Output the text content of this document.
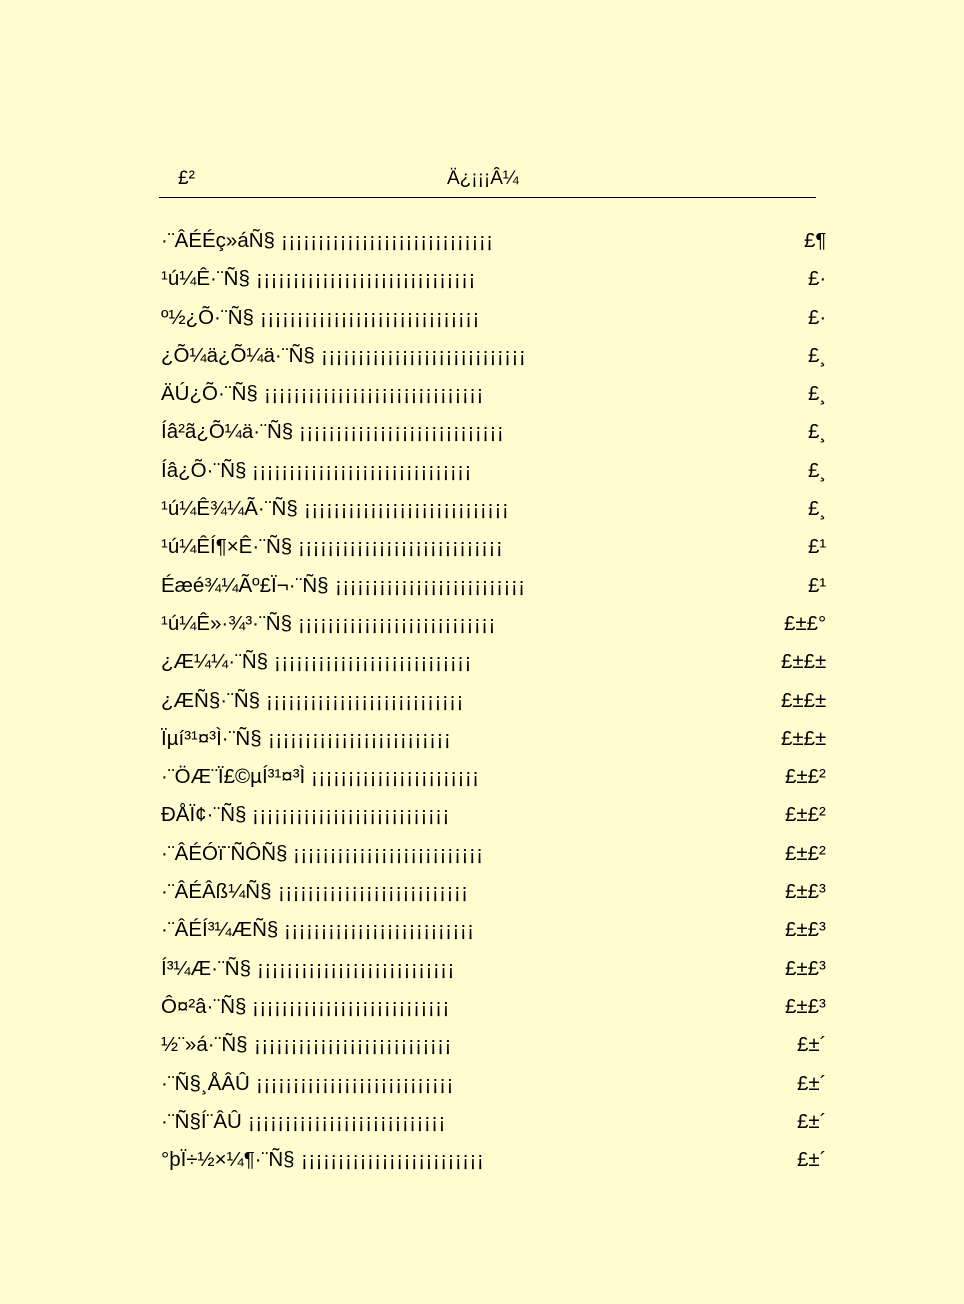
£²	Ä¿¡¡¡Â¼
·¨ÂÉÉç»áÑ§ ¡¡¡¡¡¡¡¡¡¡¡¡¡¡¡¡¡¡¡¡¡¡¡¡¡¡¡¡¡	£¶
¹ú¼Ê·¨Ñ§ ¡¡¡¡¡¡¡¡¡¡¡¡¡¡¡¡¡¡¡¡¡¡¡¡¡¡¡¡¡¡	£·
º½¿Õ·¨Ñ§ ¡¡¡¡¡¡¡¡¡¡¡¡¡¡¡¡¡¡¡¡¡¡¡¡¡¡¡¡¡¡	£·
¿Õ¼ä¿Õ¼ä·¨Ñ§ ¡¡¡¡¡¡¡¡¡¡¡¡¡¡¡¡¡¡¡¡¡¡¡¡¡¡¡¡	£¸
ÄÚ¿Õ·¨Ñ§ ¡¡¡¡¡¡¡¡¡¡¡¡¡¡¡¡¡¡¡¡¡¡¡¡¡¡¡¡¡¡	£¸
Íâ²ã¿Õ¼ä·¨Ñ§ ¡¡¡¡¡¡¡¡¡¡¡¡¡¡¡¡¡¡¡¡¡¡¡¡¡¡¡¡	£¸
Íâ¿Õ·¨Ñ§ ¡¡¡¡¡¡¡¡¡¡¡¡¡¡¡¡¡¡¡¡¡¡¡¡¡¡¡¡¡¡	£¸
¹ú¼Ê¾¼Ã·¨Ñ§ ¡¡¡¡¡¡¡¡¡¡¡¡¡¡¡¡¡¡¡¡¡¡¡¡¡¡¡¡	£¸
¹ú¼ÊÍ¶×Ê·¨Ñ§ ¡¡¡¡¡¡¡¡¡¡¡¡¡¡¡¡¡¡¡¡¡¡¡¡¡¡¡¡	£¹
Éæé¾¼Ãº£Ï¬·¨Ñ§ ¡¡¡¡¡¡¡¡¡¡¡¡¡¡¡¡¡¡¡¡¡¡¡¡¡¡	£¹
¹ú¼Ê»·¾³·¨Ñ§ ¡¡¡¡¡¡¡¡¡¡¡¡¡¡¡¡¡¡¡¡¡¡¡¡¡¡¡	£±£°
¿Æ¼¼·¨Ñ§ ¡¡¡¡¡¡¡¡¡¡¡¡¡¡¡¡¡¡¡¡¡¡¡¡¡¡¡	£±£±
¿ÆÑ§·¨Ñ§ ¡¡¡¡¡¡¡¡¡¡¡¡¡¡¡¡¡¡¡¡¡¡¡¡¡¡¡	£±£±
Ïµí³¹¤³Ì·¨Ñ§ ¡¡¡¡¡¡¡¡¡¡¡¡¡¡¡¡¡¡¡¡¡¡¡¡¡	£±£±
·¨ÖÆ¨Ï£©µÍ³¹¤³Ì ¡¡¡¡¡¡¡¡¡¡¡¡¡¡¡¡¡¡¡¡¡¡¡	£±£²
ÐÅÏ¢·¨Ñ§ ¡¡¡¡¡¡¡¡¡¡¡¡¡¡¡¡¡¡¡¡¡¡¡¡¡¡¡	£±£²
·¨ÂÉÓï¨ÑÔÑ§ ¡¡¡¡¡¡¡¡¡¡¡¡¡¡¡¡¡¡¡¡¡¡¡¡¡¡	£±£²
·¨ÂÉÂß¼Ñ§ ¡¡¡¡¡¡¡¡¡¡¡¡¡¡¡¡¡¡¡¡¡¡¡¡¡¡	£±£³
·¨ÂÉÍ³¼ÆÑ§ ¡¡¡¡¡¡¡¡¡¡¡¡¡¡¡¡¡¡¡¡¡¡¡¡¡¡	£±£³
Í³¼Æ·¨Ñ§ ¡¡¡¡¡¡¡¡¡¡¡¡¡¡¡¡¡¡¡¡¡¡¡¡¡¡¡	£±£³
Ô¤²â·¨Ñ§ ¡¡¡¡¡¡¡¡¡¡¡¡¡¡¡¡¡¡¡¡¡¡¡¡¡¡¡	£±£³
½¨»á·¨Ñ§ ¡¡¡¡¡¡¡¡¡¡¡¡¡¡¡¡¡¡¡¡¡¡¡¡¡¡¡	£±´
·¨Ñ§¸ÅÂÛ ¡¡¡¡¡¡¡¡¡¡¡¡¡¡¡¡¡¡¡¡¡¡¡¡¡¡¡	£±´
·¨Ñ§Í¨ÂÛ ¡¡¡¡¡¡¡¡¡¡¡¡¡¡¡¡¡¡¡¡¡¡¡¡¡¡¡	£±´
°þÏ÷½×¼¶·¨Ñ§ ¡¡¡¡¡¡¡¡¡¡¡¡¡¡¡¡¡¡¡¡¡¡¡¡¡	£±´
